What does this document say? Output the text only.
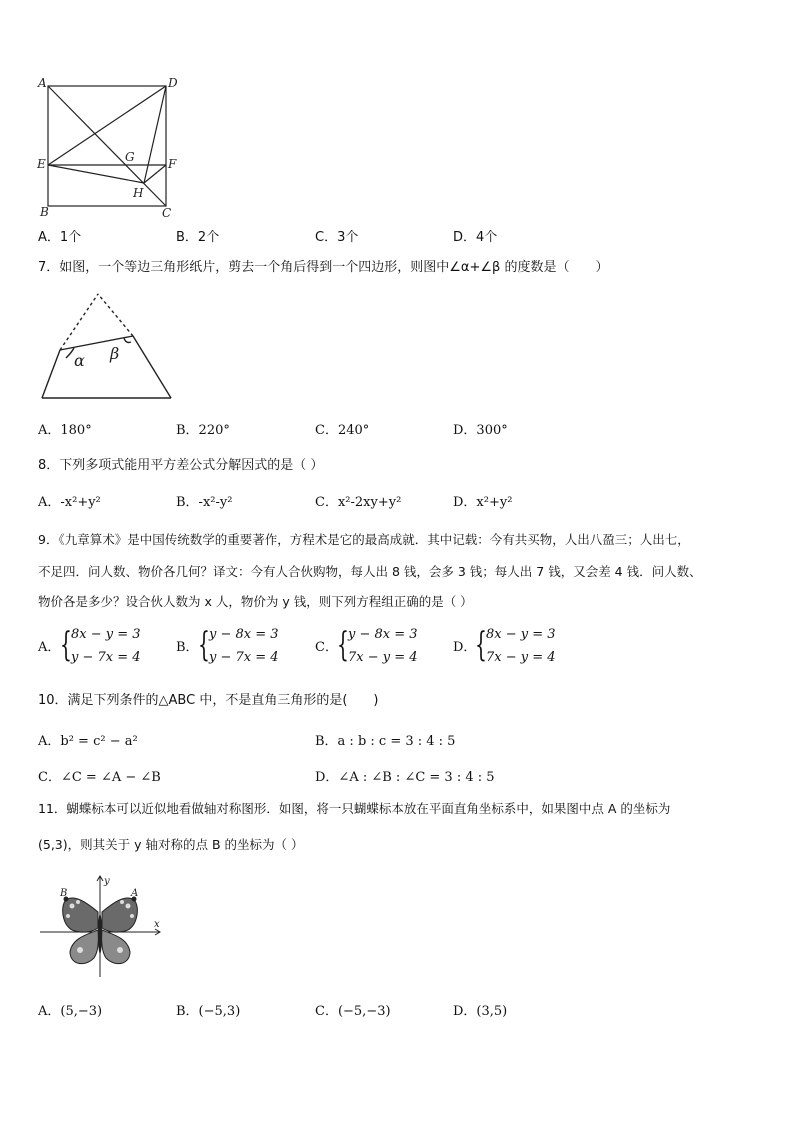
A	D
E	F
G
H
B	C
A．1个	B．2个	C．3个	D．4个
7．如图，一个等边三角形纸片，剪去一个角后得到一个四边形，则图中∠α+∠β 的度数是（　　）
α β
A．180°	B．220°	C．240°	D．300°
8．下列多项式能用平方差公式分解因式的是（ ）
A．-x²+y²	B．-x²-y²	C．x²-2xy+y²	D．x²+y²
9．《九章算术》是中国传统数学的重要著作，方程术是它的最高成就．其中记载：今有共买物，人出八盈三；人出七，
不足四．问人数、物价各几何？译文：今有人合伙购物，每人出 8 钱，会多 3 钱；每人出 7 钱，又会差 4 钱．问人数、
物价各是多少？设合伙人数为 x 人，物价为 y 钱，则下列方程组正确的是（ ）
A． { 8x − y = 3
y − 7x = 4
B． { y − 8x = 3
y − 7x = 4
C． { y − 8x = 3
7x − y = 4
D．
{ 8x − y = 3
7x − y = 4
10．满足下列条件的△ABC 中，不是直角三角形的是(　　)
A．b² = c² − a²	B．a : b : c = 3 : 4 : 5
C．∠C = ∠A − ∠B	D．∠A : ∠B : ∠C = 3 : 4 : 5
11．蝴蝶标本可以近似地看做轴对称图形．如图，将一只蝴蝶标本放在平面直角坐标系中，如果图中点 A 的坐标为
(5,3)，则其关于 y 轴对称的点 B 的坐标为（ ）
B	A
x
y
A．(5,−3)	B．(−5,3)	C．(−5,−3)	D．(3,5)
